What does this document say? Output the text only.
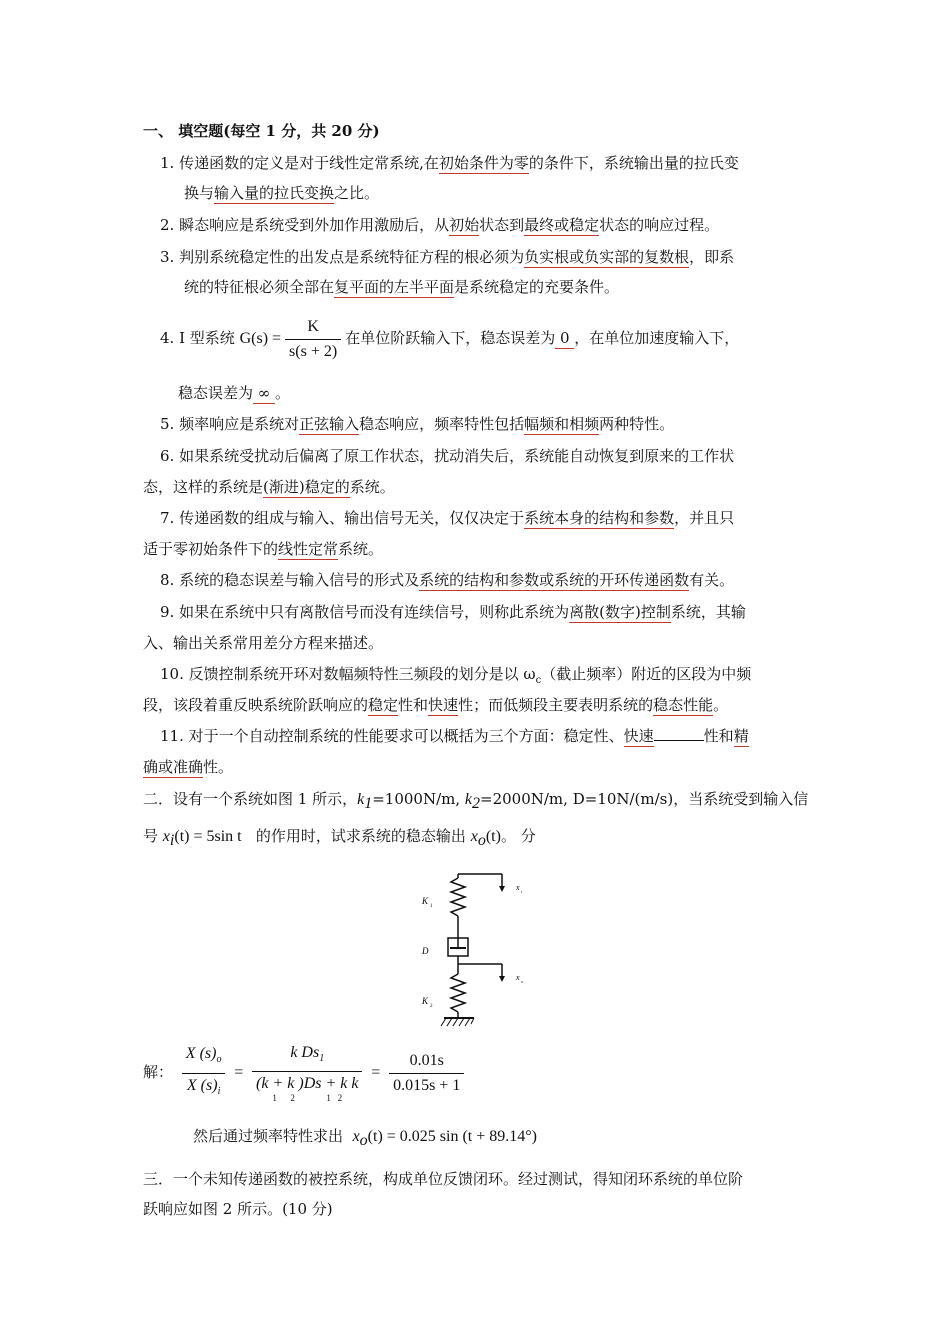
一、 填空题(每空 1 分，共 20 分)
1. 传递函数的定义是对于线性定常系统,在初始条件为零的条件下，系统输出量的拉氏变
换与输入量的拉氏变换之比。
2. 瞬态响应是系统受到外加作用激励后，从初始状态到最终或稳定状态的响应过程。
3. 判别系统稳定性的出发点是系统特征方程的根必须为负实根或负实部的复数根，即系
统的特征根必须全部在复平面的左半平面是系统稳定的充要条件。
4. I 型系统 $G(s) = \frac{K}{s(s + 2)}$ 在单位阶跃输入下，稳态误差为 0 ，在单位加速度输入下，
稳态误差为 ∞ 。
5. 频率响应是系统对正弦输入稳态响应，频率特性包括幅频和相频两种特性。
6. 如果系统受扰动后偏离了原工作状态，扰动消失后，系统能自动恢复到原来的工作状
态，这样的系统是(渐进)稳定的系统。
7. 传递函数的组成与输入、输出信号无关，仅仅决定于系统本身的结构和参数，并且只
适于零初始条件下的线性定常系统。
8. 系统的稳态误差与输入信号的形式及系统的结构和参数或系统的开环传递函数有关。
9. 如果在系统中只有离散信号而没有连续信号，则称此系统为离散(数字)控制系统，其输
入、输出关系常用差分方程来描述。
10. 反馈控制系统开环对数幅频特性三频段的划分是以 $\omega_c$（截止频率）附近的区段为中频
段，该段着重反映系统阶跃响应的稳定性和快速性；而低频段主要表明系统的稳态性能。
11. 对于一个自动控制系统的性能要求可以概括为三个方面：稳定性、快速	性和精
确或准确性。
二．设有一个系统如图 1 所示，$k_1=1000N/m$, $k_2=2000N/m$, D=10N/(m/s)，当系统受到输入信
号 $x_i(t) = 5\sin$ t 的作用时，试求系统的稳态输出 $x_o(t)$。 分
K
1
D
K
2
x i
x o
解： $\frac{X (s)_o}{X (s)_i} = k$ $Ds_1$
(k + k )Ds + k k
1      2              1   $2 = \frac{0.01s}{0.015s + 1}$
然后通过频率特性求出 $x_o(t) = 0.025$ sin (t + 89.14°)
三．一个未知传递函数的被控系统，构成单位反馈闭环。经过测试，得知闭环系统的单位阶
跃响应如图 2 所示。(10 分)
